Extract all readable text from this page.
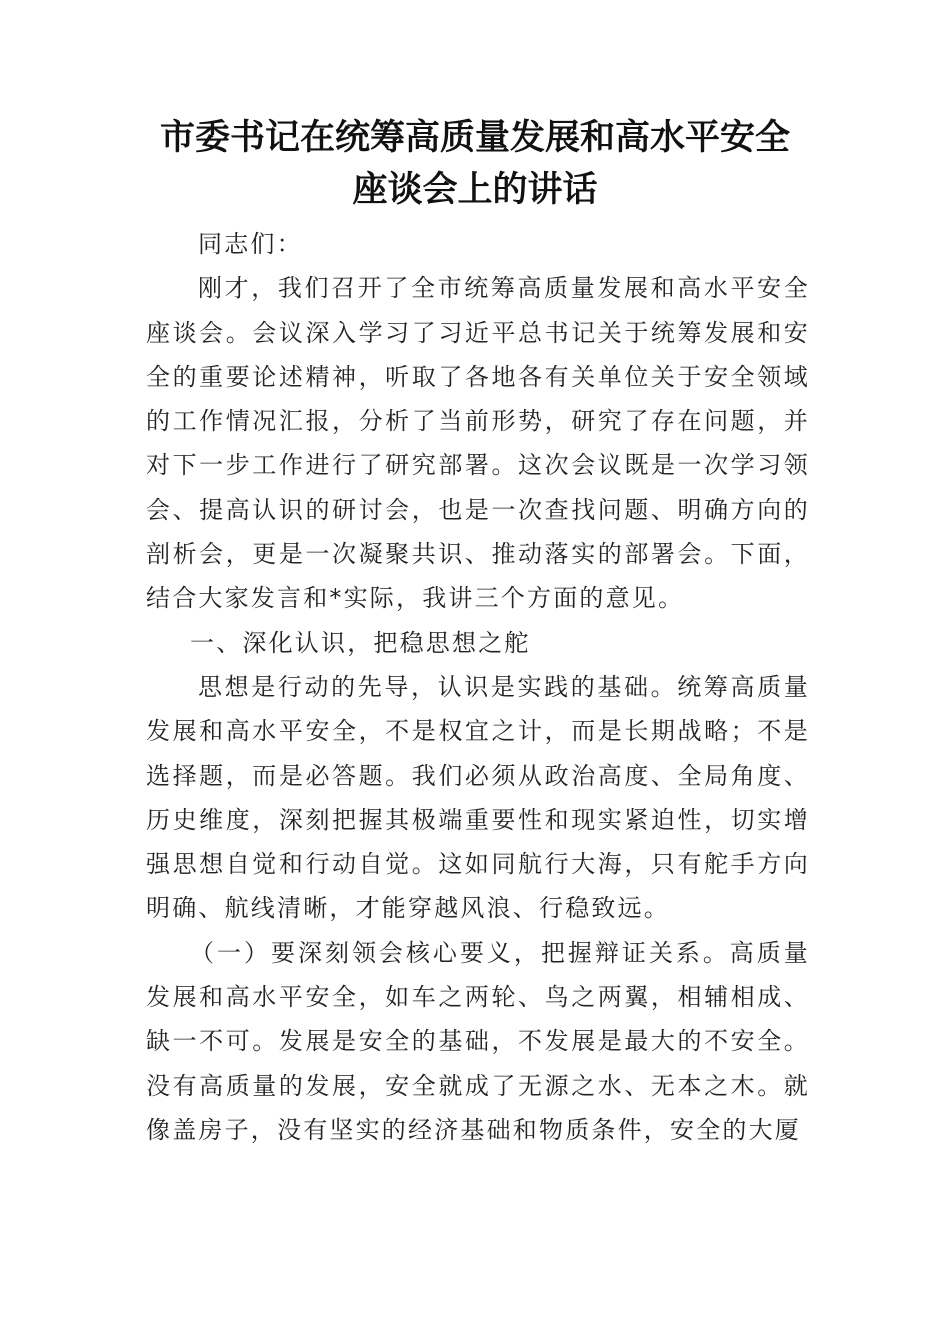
市委书记在统筹高质量发展和高水平安全
座谈会上的讲话

同志们：

刚才，我们召开了全市统筹高质量发展和高水平安全座谈会。会议深入学习了习近平总书记关于统筹发展和安全的重要论述精神，听取了各地各有关单位关于安全领域的工作情况汇报，分析了当前形势，研究了存在问题，并对下一步工作进行了研究部署。这次会议既是一次学习领会、提高认识的研讨会，也是一次查找问题、明确方向的剖析会，更是一次凝聚共识、推动落实的部署会。下面，结合大家发言和*实际，我讲三个方面的意见。

一、深化认识，把稳思想之舵

思想是行动的先导，认识是实践的基础。统筹高质量发展和高水平安全，不是权宜之计，而是长期战略；不是选择题，而是必答题。我们必须从政治高度、全局角度、历史维度，深刻把握其极端重要性和现实紧迫性，切实增强思想自觉和行动自觉。这如同航行大海，只有舵手方向明确、航线清晰，才能穿越风浪、行稳致远。

（一）要深刻领会核心要义，把握辩证关系。高质量发展和高水平安全，如车之两轮、鸟之两翼，相辅相成、缺一不可。发展是安全的基础，不发展是最大的不安全。没有高质量的发展，安全就成了无源之水、无本之木。就像盖房子，没有坚实的经济基础和物质条件，安全的大厦
